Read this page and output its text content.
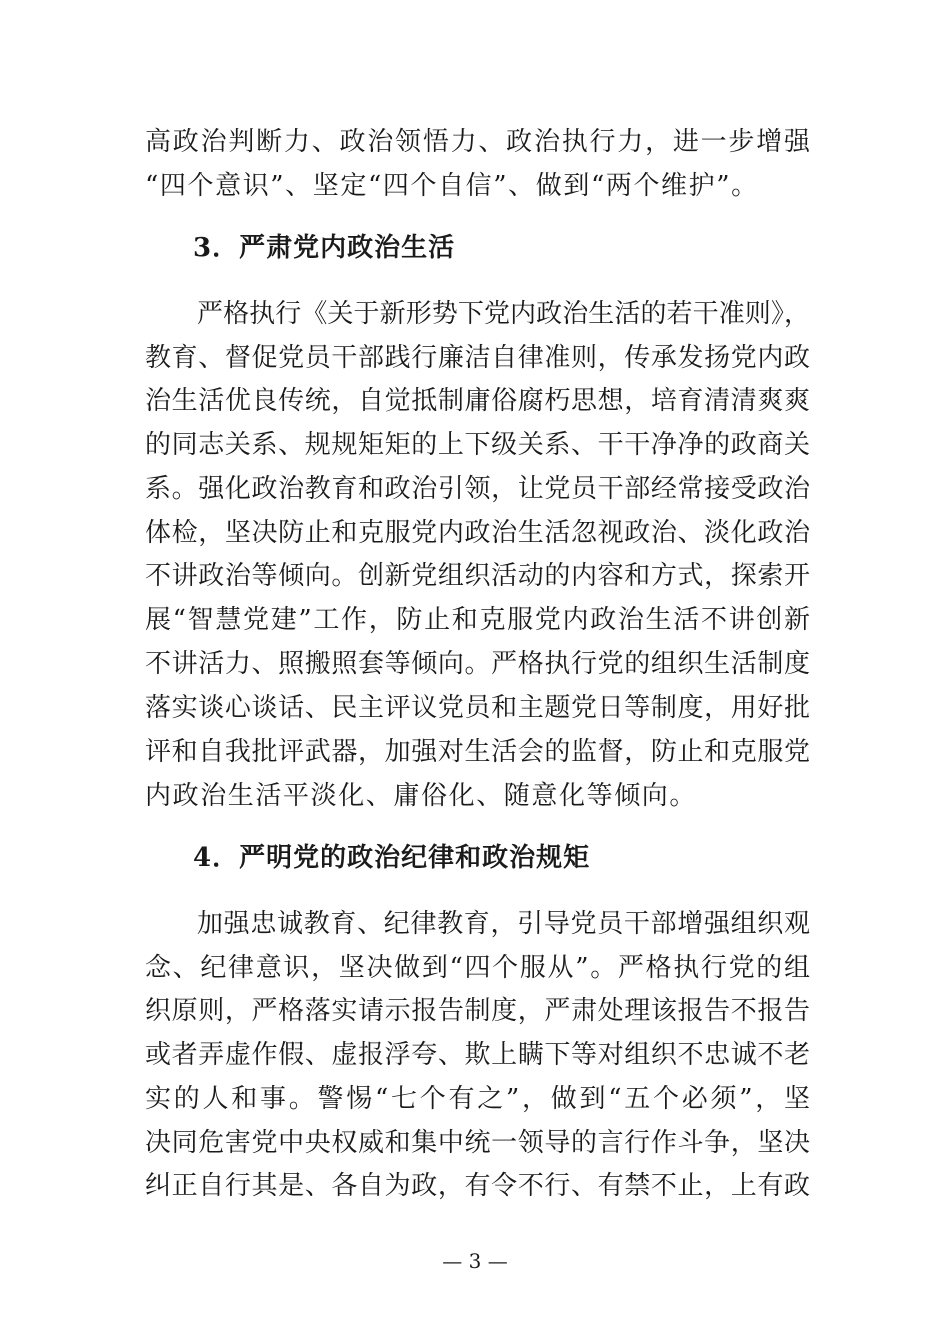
高政治判断力、政治领悟力、政治执行力，进一步增强
“四个意识”、坚定“四个自信”、做到“两个维护”。
3．严肃党内政治生活
严格执行《关于新形势下党内政治生活的若干准则》，
教育、督促党员干部践行廉洁自律准则，传承发扬党内政
治生活优良传统，自觉抵制庸俗腐朽思想，培育清清爽爽
的同志关系、规规矩矩的上下级关系、干干净净的政商关
系。强化政治教育和政治引领，让党员干部经常接受政治
体检，坚决防止和克服党内政治生活忽视政治、淡化政治
不讲政治等倾向。创新党组织活动的内容和方式，探索开
展“智慧党建”工作，防止和克服党内政治生活不讲创新
不讲活力、照搬照套等倾向。严格执行党的组织生活制度
落实谈心谈话、民主评议党员和主题党日等制度，用好批
评和自我批评武器，加强对生活会的监督，防止和克服党
内政治生活平淡化、庸俗化、随意化等倾向。
4．严明党的政治纪律和政治规矩
加强忠诚教育、纪律教育，引导党员干部增强组织观
念、纪律意识，坚决做到“四个服从”。严格执行党的组
织原则，严格落实请示报告制度，严肃处理该报告不报告
或者弄虚作假、虚报浮夸、欺上瞒下等对组织不忠诚不老
实的人和事。警惕“七个有之”，做到“五个必须”，坚
决同危害党中央权威和集中统一领导的言行作斗争，坚决
纠正自行其是、各自为政，有令不行、有禁不止，上有政
— 3 —
